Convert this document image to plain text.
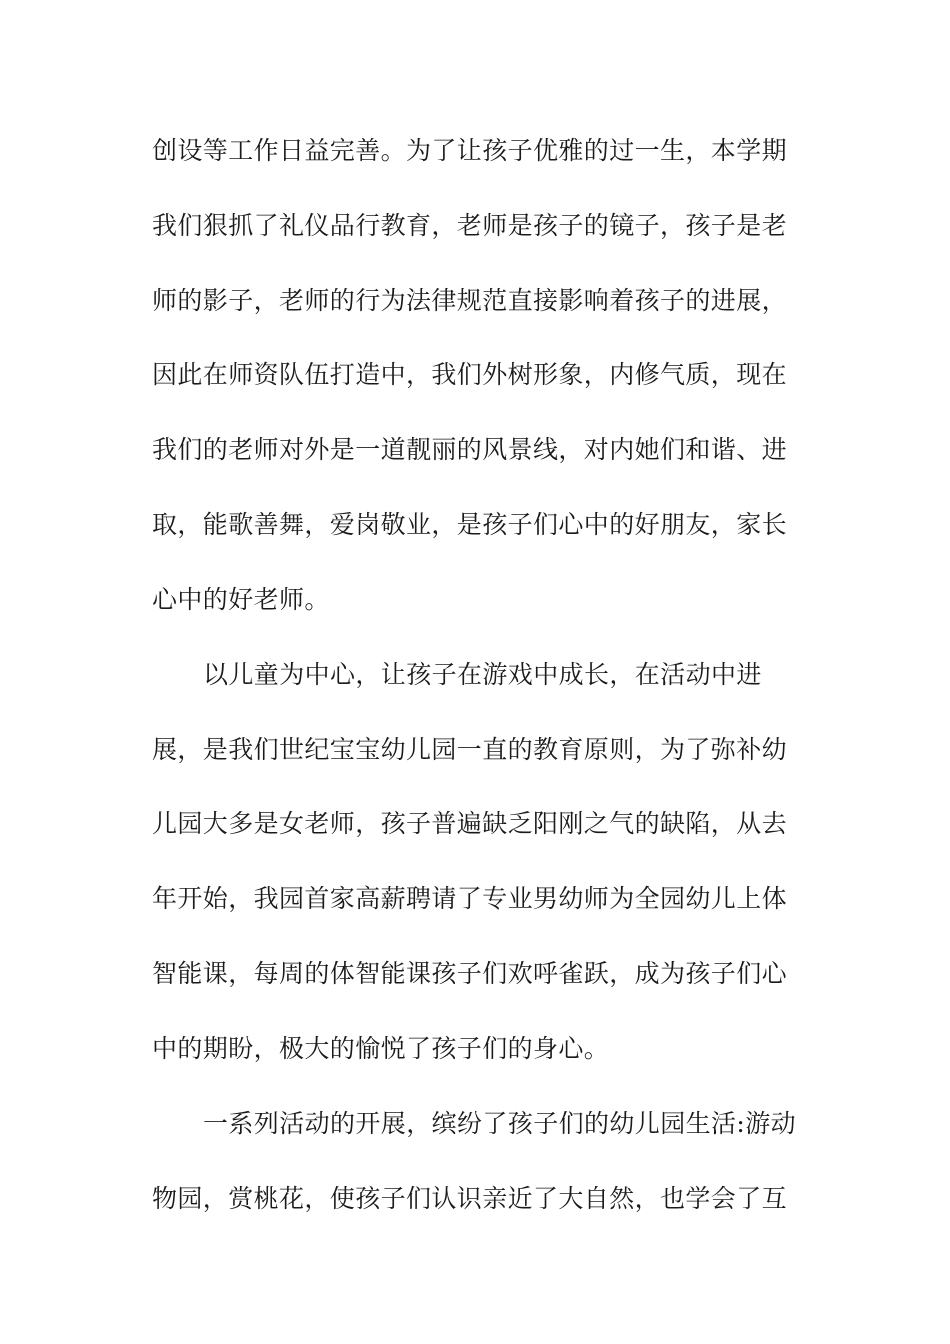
创设等工作日益完善。为了让孩子优雅的过一生，本学期

我们狠抓了礼仪品行教育，老师是孩子的镜子，孩子是老

师的影子，老师的行为法律规范直接影响着孩子的进展，

因此在师资队伍打造中，我们外树形象，内修气质，现在

我们的老师对外是一道靓丽的风景线，对内她们和谐、进

取，能歌善舞，爱岗敬业，是孩子们心中的好朋友，家长

心中的好老师。

以儿童为中心，让孩子在游戏中成长，在活动中进

展，是我们世纪宝宝幼儿园一直的教育原则，为了弥补幼

儿园大多是女老师，孩子普遍缺乏阳刚之气的缺陷，从去

年开始，我园首家高薪聘请了专业男幼师为全园幼儿上体

智能课，每周的体智能课孩子们欢呼雀跃，成为孩子们心

中的期盼，极大的愉悦了孩子们的身心。

一系列活动的开展，缤纷了孩子们的幼儿园生活:游动

物园，赏桃花，使孩子们认识亲近了大自然，也学会了互
